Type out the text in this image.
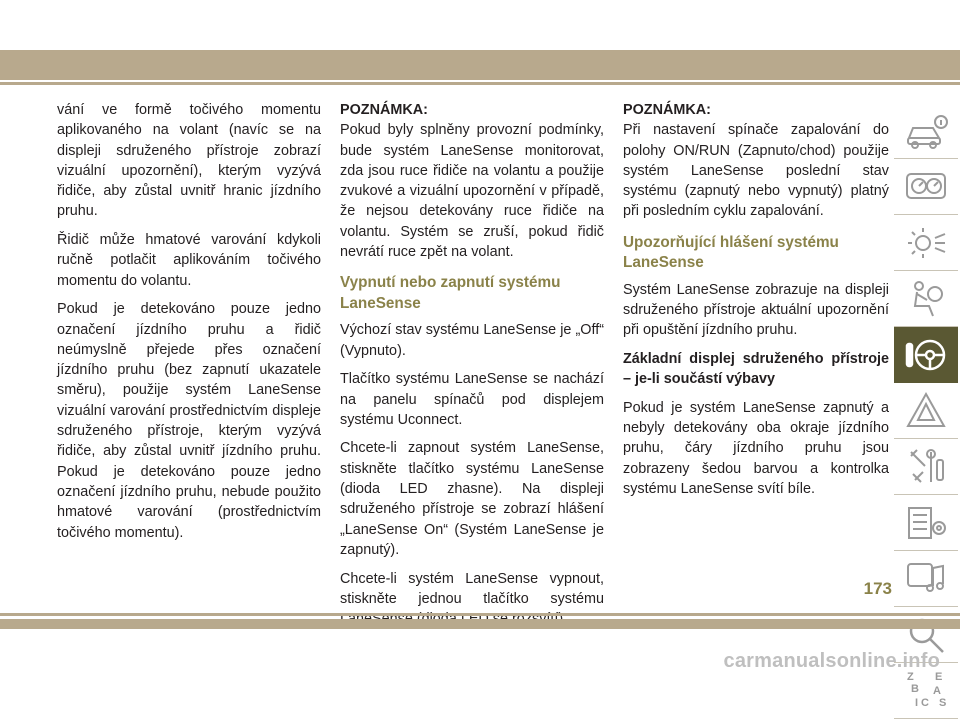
vání ve formě točivého momentu aplikovaného na volant (navíc se na displeji sdruženého přístroje zobrazí vizuální upozornění), kterým vyzývá řidiče, aby zůstal uvnitř hranic jízdního pruhu.

Řidič může hmatové varování kdykoli ručně potlačit aplikováním točivého momentu do volantu.

Pokud je detekováno pouze jedno označení jízdního pruhu a řidič neúmyslně přejede přes označení jízdního pruhu (bez zapnutí ukazatele směru), použije systém LaneSense vizuální varování prostřednictvím displeje sdruženého přístroje, kterým vyzývá řidiče, aby zůstal uvnitř jízdního pruhu. Pokud je detekováno pouze jedno označení jízdního pruhu, nebude použito hmatové varování (prostřednictvím točivého momentu).

POZNÁMKA:

Pokud byly splněny provozní podmínky, bude systém LaneSense monitorovat, zda jsou ruce řidiče na volantu a použije zvukové a vizuální upozornění v případě, že nejsou detekovány ruce řidiče na volantu. Systém se zruší, pokud řidič nevrátí ruce zpět na volant.

Vypnutí nebo zapnutí systému LaneSense

Výchozí stav systému LaneSense je „Off“ (Vypnuto).

Tlačítko systému LaneSense se nachází na panelu spínačů pod displejem systému Uconnect.

Chcete-li zapnout systém LaneSense, stiskněte tlačítko systému LaneSense (dioda LED zhasne). Na displeji sdruženého přístroje se zobrazí hlášení „LaneSense On“ (Systém LaneSense je zapnutý).

Chcete-li systém LaneSense vypnout, stiskněte jednou tlačítko systému

POZNÁMKA:

Při nastavení spínače zapalování do polohy ON/RUN (Zapnuto/chod) použije systém LaneSense poslední stav systému (zapnutý nebo vypnutý) platný při posledním cyklu zapalování.

Upozorňující hlášení systému LaneSense

Systém LaneSense zobrazuje na displeji sdruženého přístroje aktuální upozornění při opuštění jízdního pruhu.

Základní displej sdruženého přístroje – je-li součástí výbavy

Pokud je systém LaneSense zapnutý a nebyly detekovány oba okraje jízdního pruhu, čáry jízdního pruhu jsou zobrazeny šedou barvou a kontrolka systému LaneSense svítí bíle.

Z E
B A
I C S
173
carmanualsonline.info
